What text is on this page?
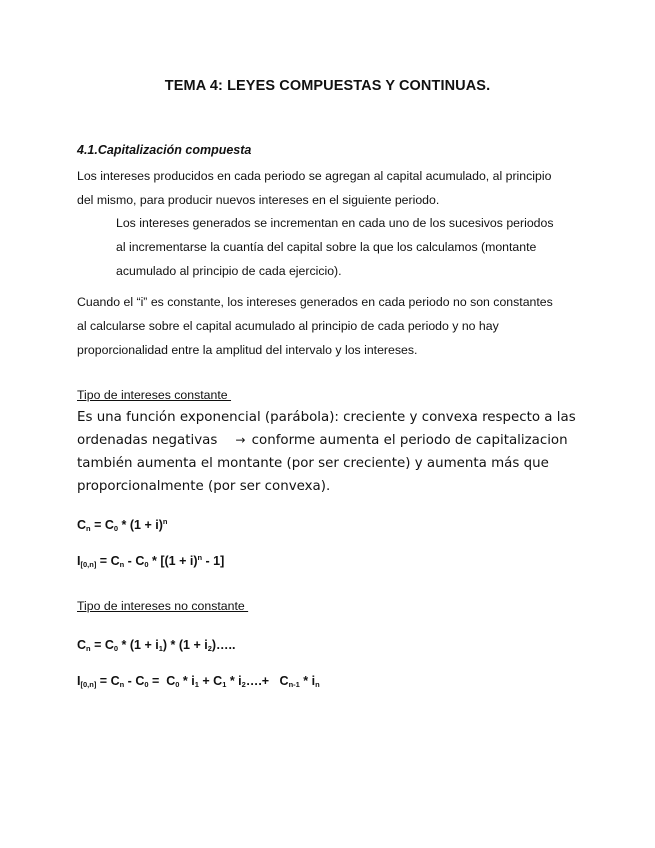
TEMA 4: LEYES COMPUESTAS Y CONTINUAS.
4.1.Capitalización compuesta
Los intereses producidos en cada periodo se agregan al capital acumulado, al principio
del mismo, para producir nuevos intereses en el siguiente periodo.
Los intereses generados se incrementan en cada uno de los sucesivos periodos
al incrementarse la cuantía del capital sobre la que los calculamos (montante
acumulado al principio de cada ejercicio).
Cuando el “i” es constante, los intereses generados en cada periodo no son constantes
al calcularse sobre el capital acumulado al principio de cada periodo y no hay
proporcionalidad entre la amplitud del intervalo y los intereses.
Tipo de intereses constante
Es una función exponencial (parábola): creciente y convexa respecto a las
ordenadas negativas → conforme aumenta el periodo de capitalizacion
también aumenta el montante (por ser creciente) y aumenta más que
proporcionalmente (por ser convexa).
$C_n = C_0 * (1 + i)^n$
$I_{[0,n]} = C_n - C_0 * [(1 + i)^n - 1]$
Tipo de intereses no constante
$C_n = C_0 * (1 + i_1) * (1$ + $i_2)\dots$..
$I_{[0,n]} = C_n - C_0 = C_0 * i_1 + C_1$ * $i_2\dots.+ C_{n-1} * i_n$
